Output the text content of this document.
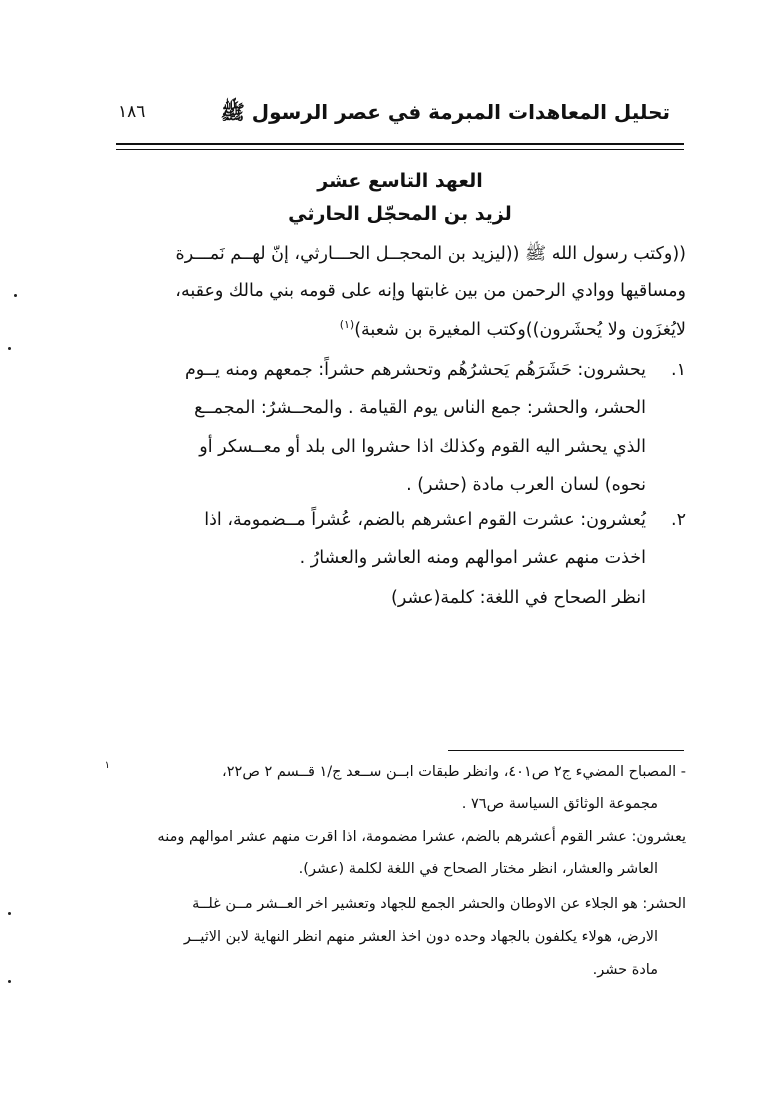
تحليل المعاهدات المبرمة في عصر الرسول ﷺ
١٨٦
العهد التاسع عشر
لزيد بن المحجّل الحارثي
((وكتب رسول الله ﷺ ((ليزيد بن المحجــل الحـــارثي، إنّ لهــم نَمـــرة
ومساقيها ووادي الرحمن من بين غابتها وإنه على قومه بني مالك وعقبه،
لايُغزَون ولا يُحشَرون))وكتب المغيرة بن شعبة)$^{(١)}$
١.
يحشرون: حَشَرَهُم يَحشرُهُم وتحشرهم حشراً: جمعهم ومنه يــوم
الحشر، والحشر: جمع الناس يوم القيامة . والمحــشرُ: المجمــع
الذي يحشر اليه القوم وكذلك اذا حشروا الى بلد أو معــسكر أو
نحوه) لسان العرب مادة (حشر) .
٢.
يُعشرون: عشرت القوم اعشرهم بالضم، عُشراً مــضمومة، اذا
اخذت منهم عشر اموالهم ومنه العاشر والعشارُ .
انظر الصحاح في اللغة: كلمة(عشر)
١	- المصباح المضيء ج٢ ص٤٠١، وانظر طبقات ابــن ســعد ج/١ قــسم ٢ ص٢٢،
مجموعة الوثائق السياسة ص٧٦ .
يعشرون: عشر القوم أعشرهم بالضم، عشرا مضمومة، اذا اقرت منهم عشر اموالهم ومنه
العاشر والعشار، انظر مختار الصحاح في اللغة لكلمة (عشر).
الحشر: هو الجلاء عن الاوطان والحشر الجمع للجهاد وتعشير اخر العــشر مــن غلــة
الارض، هولاء يكلفون بالجهاد وحده دون اخذ العشر منهم انظر النهاية لابن الاثيــر
مادة حشر.
